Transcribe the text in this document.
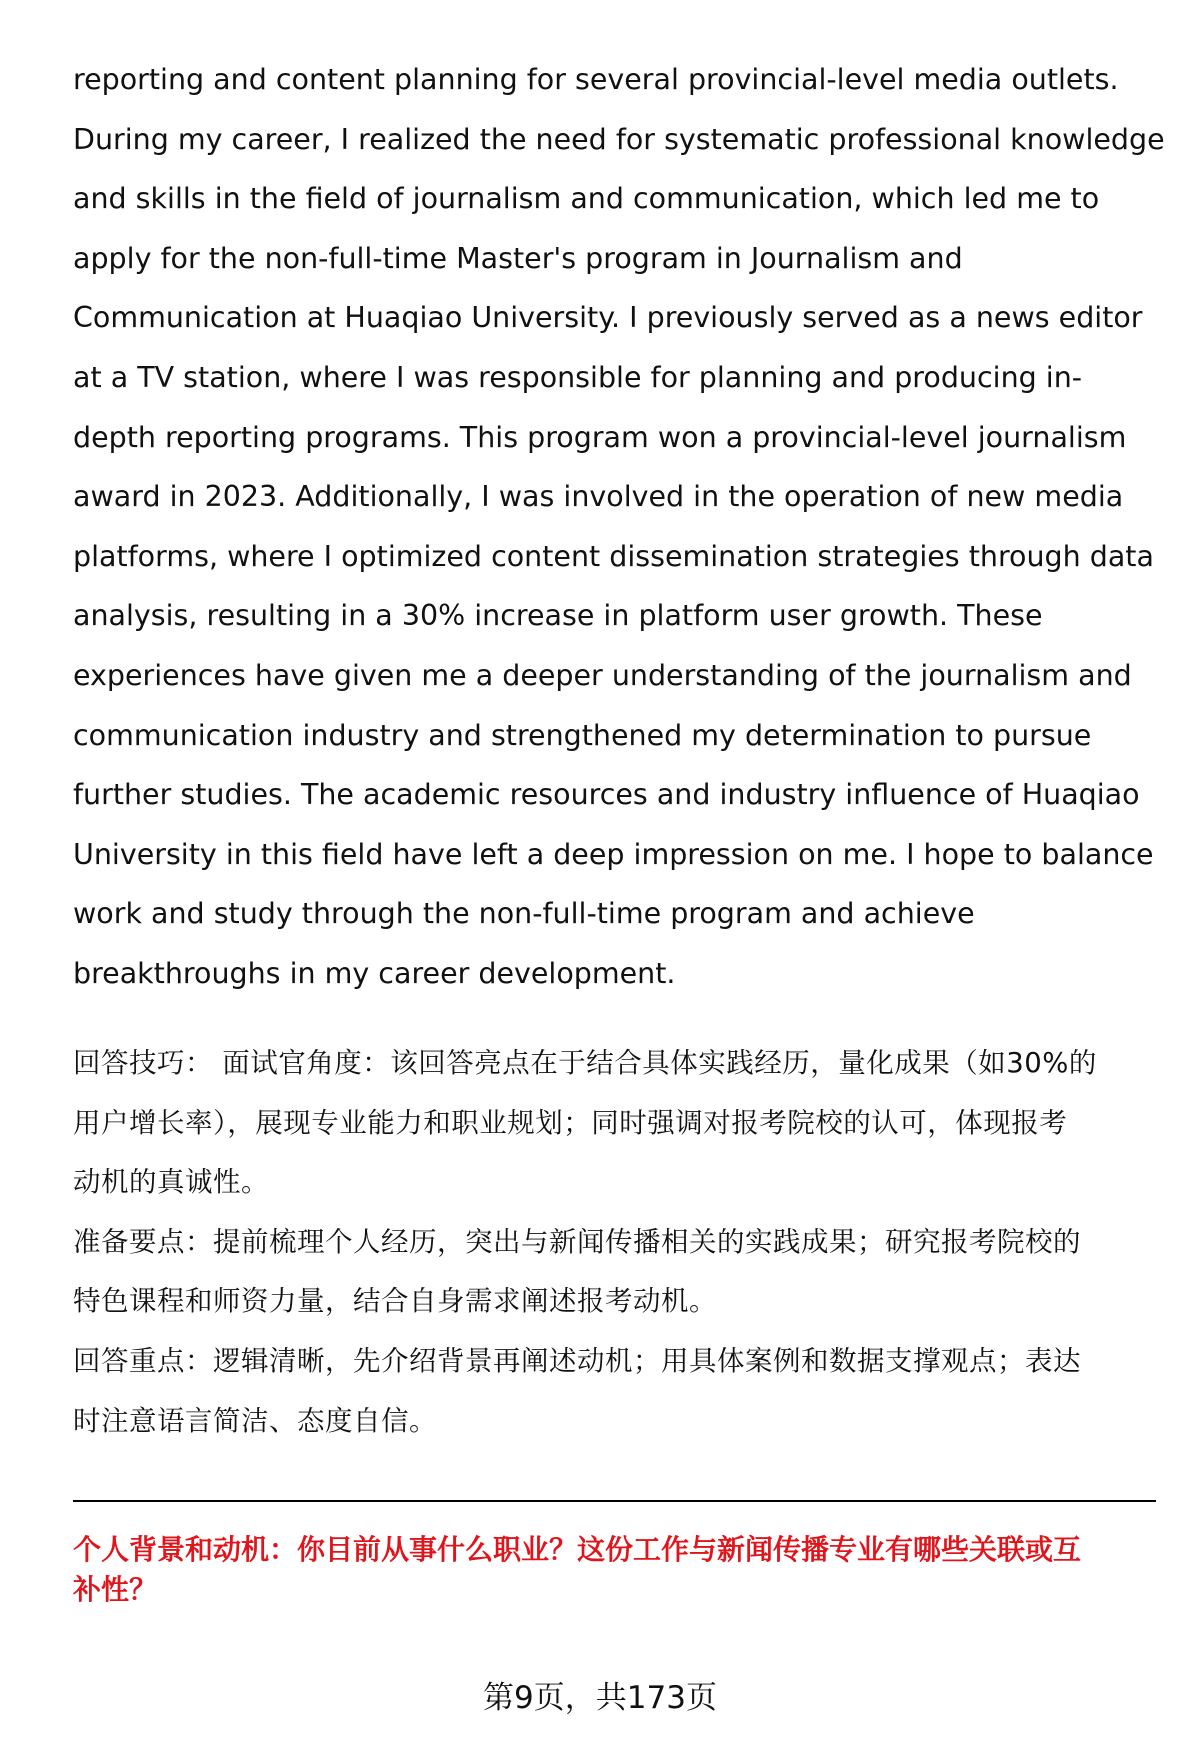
reporting and content planning for several provincial-level media outlets.
During my career, I realized the need for systematic professional knowledge
and skills in the field of journalism and communication, which led me to
apply for the non-full-time Master's program in Journalism and
Communication at Huaqiao University. I previously served as a news editor
at a TV station, where I was responsible for planning and producing in-
depth reporting programs. This program won a provincial-level journalism
award in 2023. Additionally, I was involved in the operation of new media
platforms, where I optimized content dissemination strategies through data
analysis, resulting in a 30% increase in platform user growth. These
experiences have given me a deeper understanding of the journalism and
communication industry and strengthened my determination to pursue
further studies. The academic resources and industry influence of Huaqiao
University in this field have left a deep impression on me. I hope to balance
work and study through the non-full-time program and achieve
breakthroughs in my career development.
回答技巧： 面试官角度：该回答亮点在于结合具体实践经历，量化成果（如30%的
用户增长率），展现专业能力和职业规划；同时强调对报考院校的认可，体现报考
动机的真诚性。
准备要点：提前梳理个人经历，突出与新闻传播相关的实践成果；研究报考院校的
特色课程和师资力量，结合自身需求阐述报考动机。
回答重点：逻辑清晰，先介绍背景再阐述动机；用具体案例和数据支撑观点；表达
时注意语言简洁、态度自信。
个人背景和动机：你目前从事什么职业？这份工作与新闻传播专业有哪些关联或互
补性？
第9页，共173页
